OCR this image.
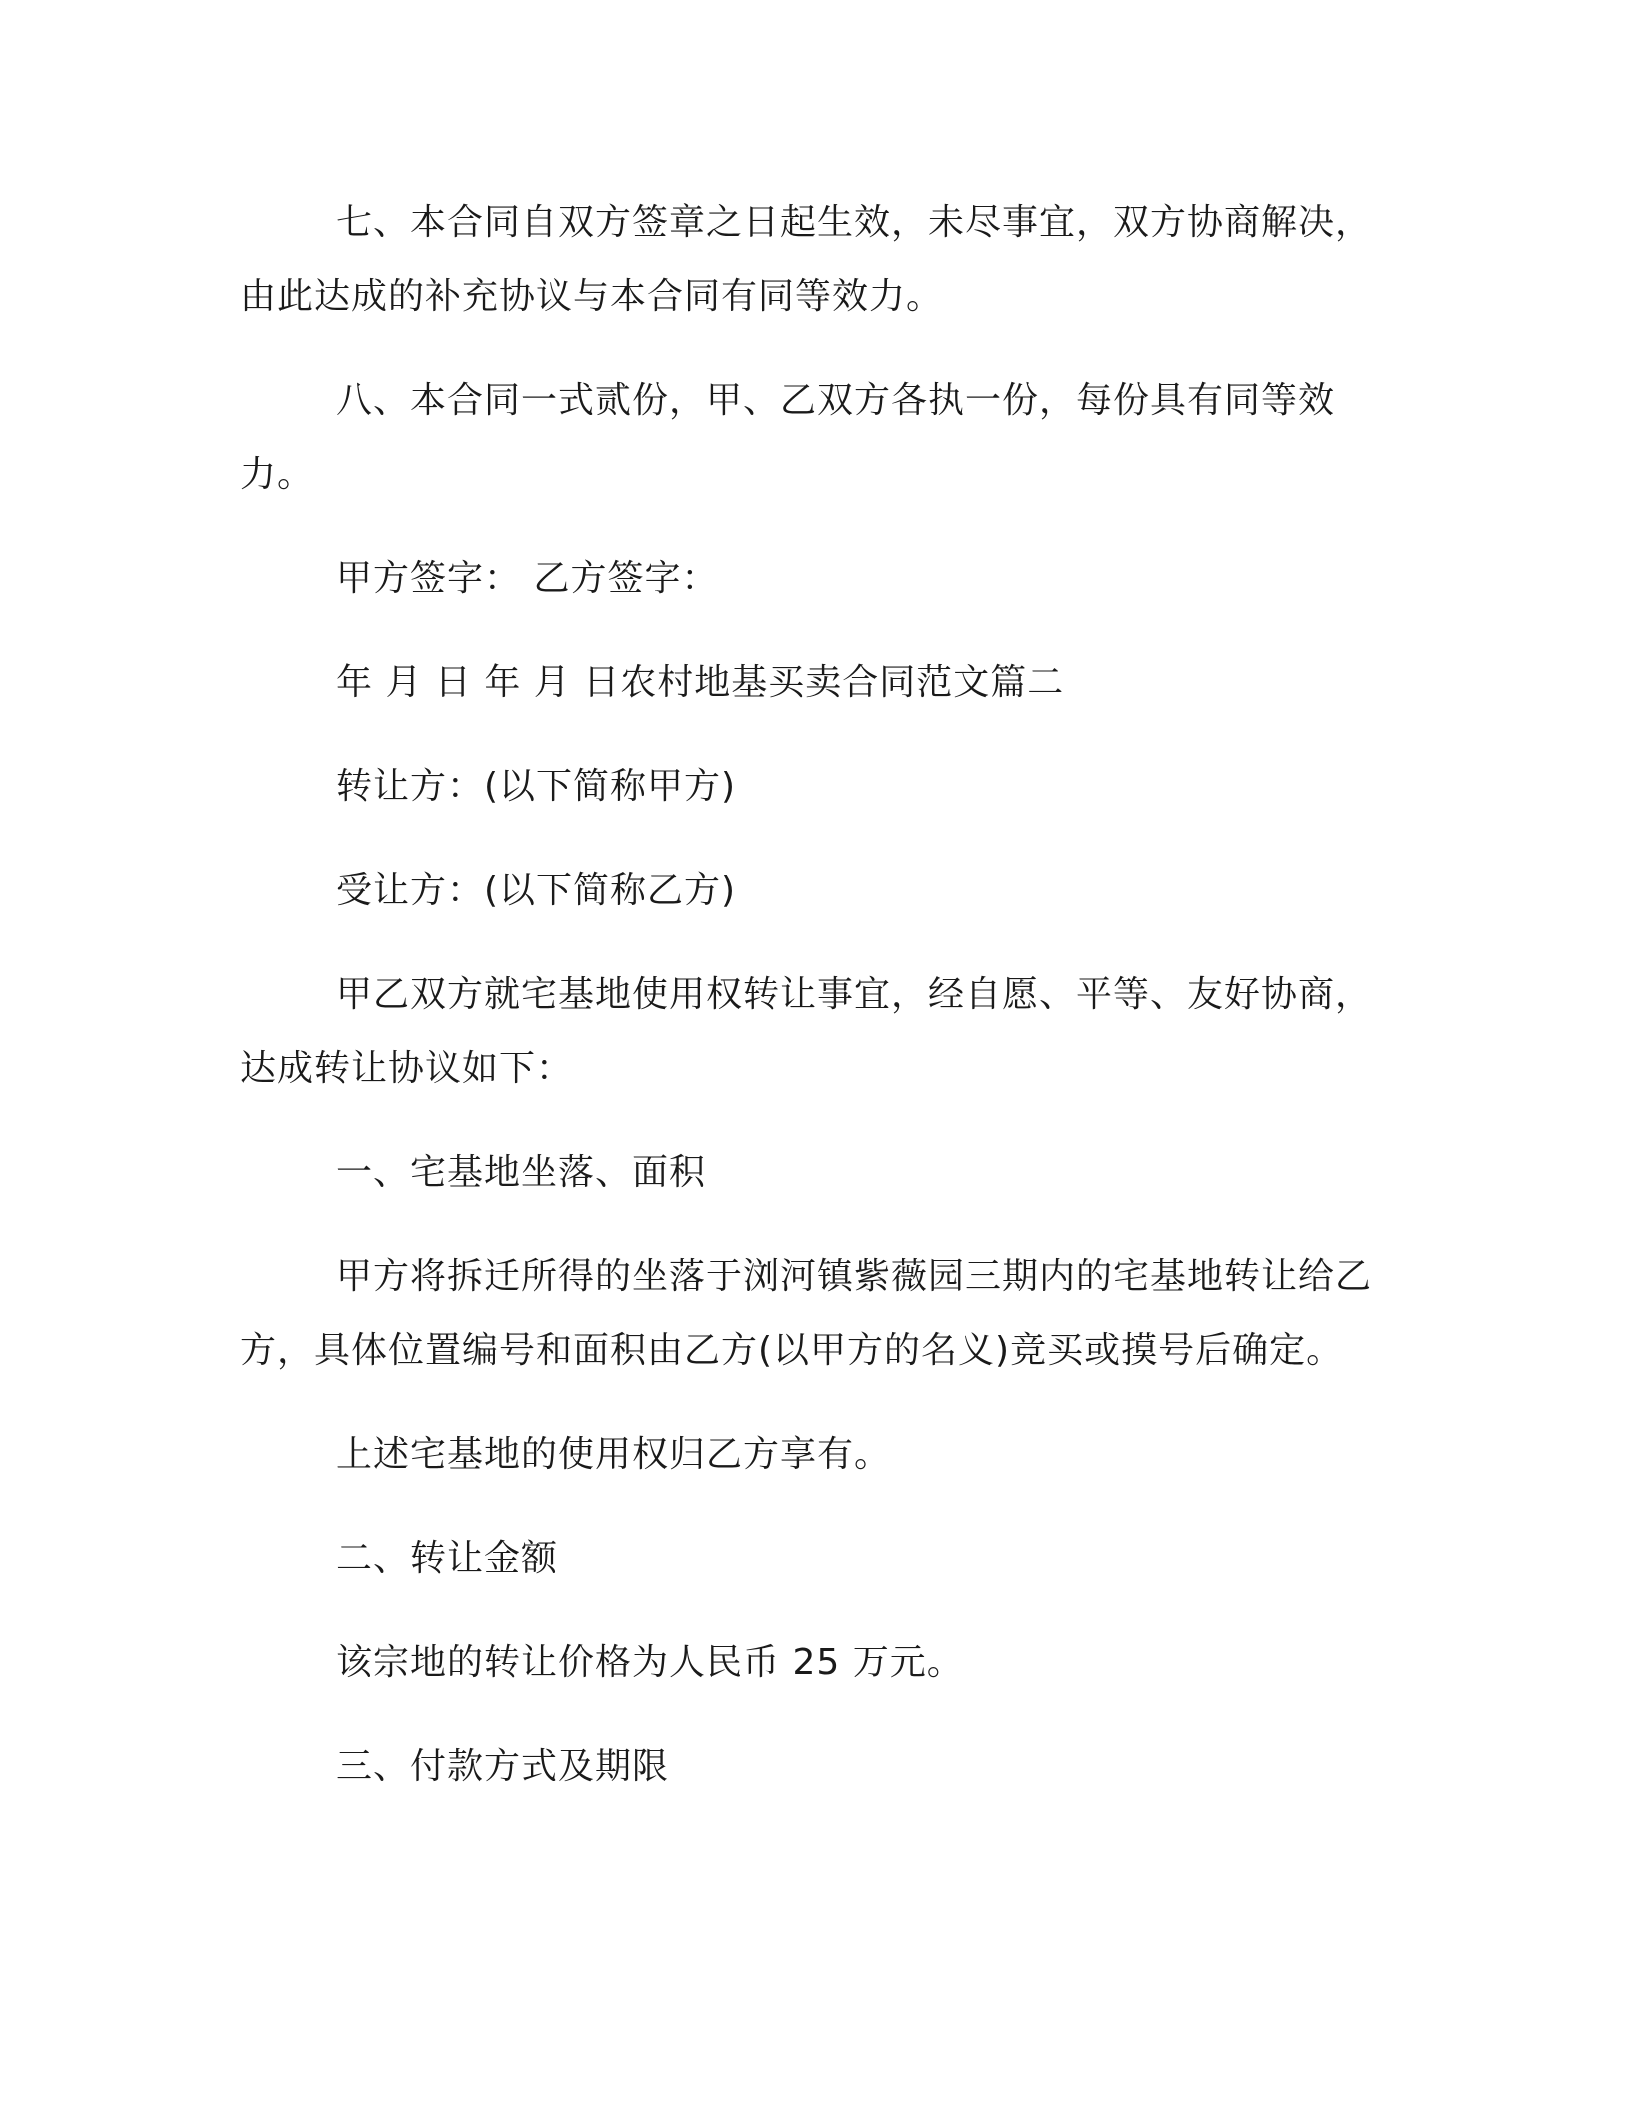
七、本合同自双方签章之日起生效，未尽事宜，双方协商解决，由此达成的补充协议与本合同有同等效力。

八、本合同一式贰份，甲、乙双方各执一份，每份具有同等效力。

甲方签字： 乙方签字：

年 月 日 年 月 日农村地基买卖合同范文篇二

转让方：(以下简称甲方)

受让方：(以下简称乙方)

甲乙双方就宅基地使用权转让事宜，经自愿、平等、友好协商，达成转让协议如下：

一、宅基地坐落、面积

甲方将拆迁所得的坐落于浏河镇紫薇园三期内的宅基地转让给乙方，具体位置编号和面积由乙方(以甲方的名义)竞买或摸号后确定。

上述宅基地的使用权归乙方享有。

二、转让金额

该宗地的转让价格为人民币 25 万元。

三、付款方式及期限
